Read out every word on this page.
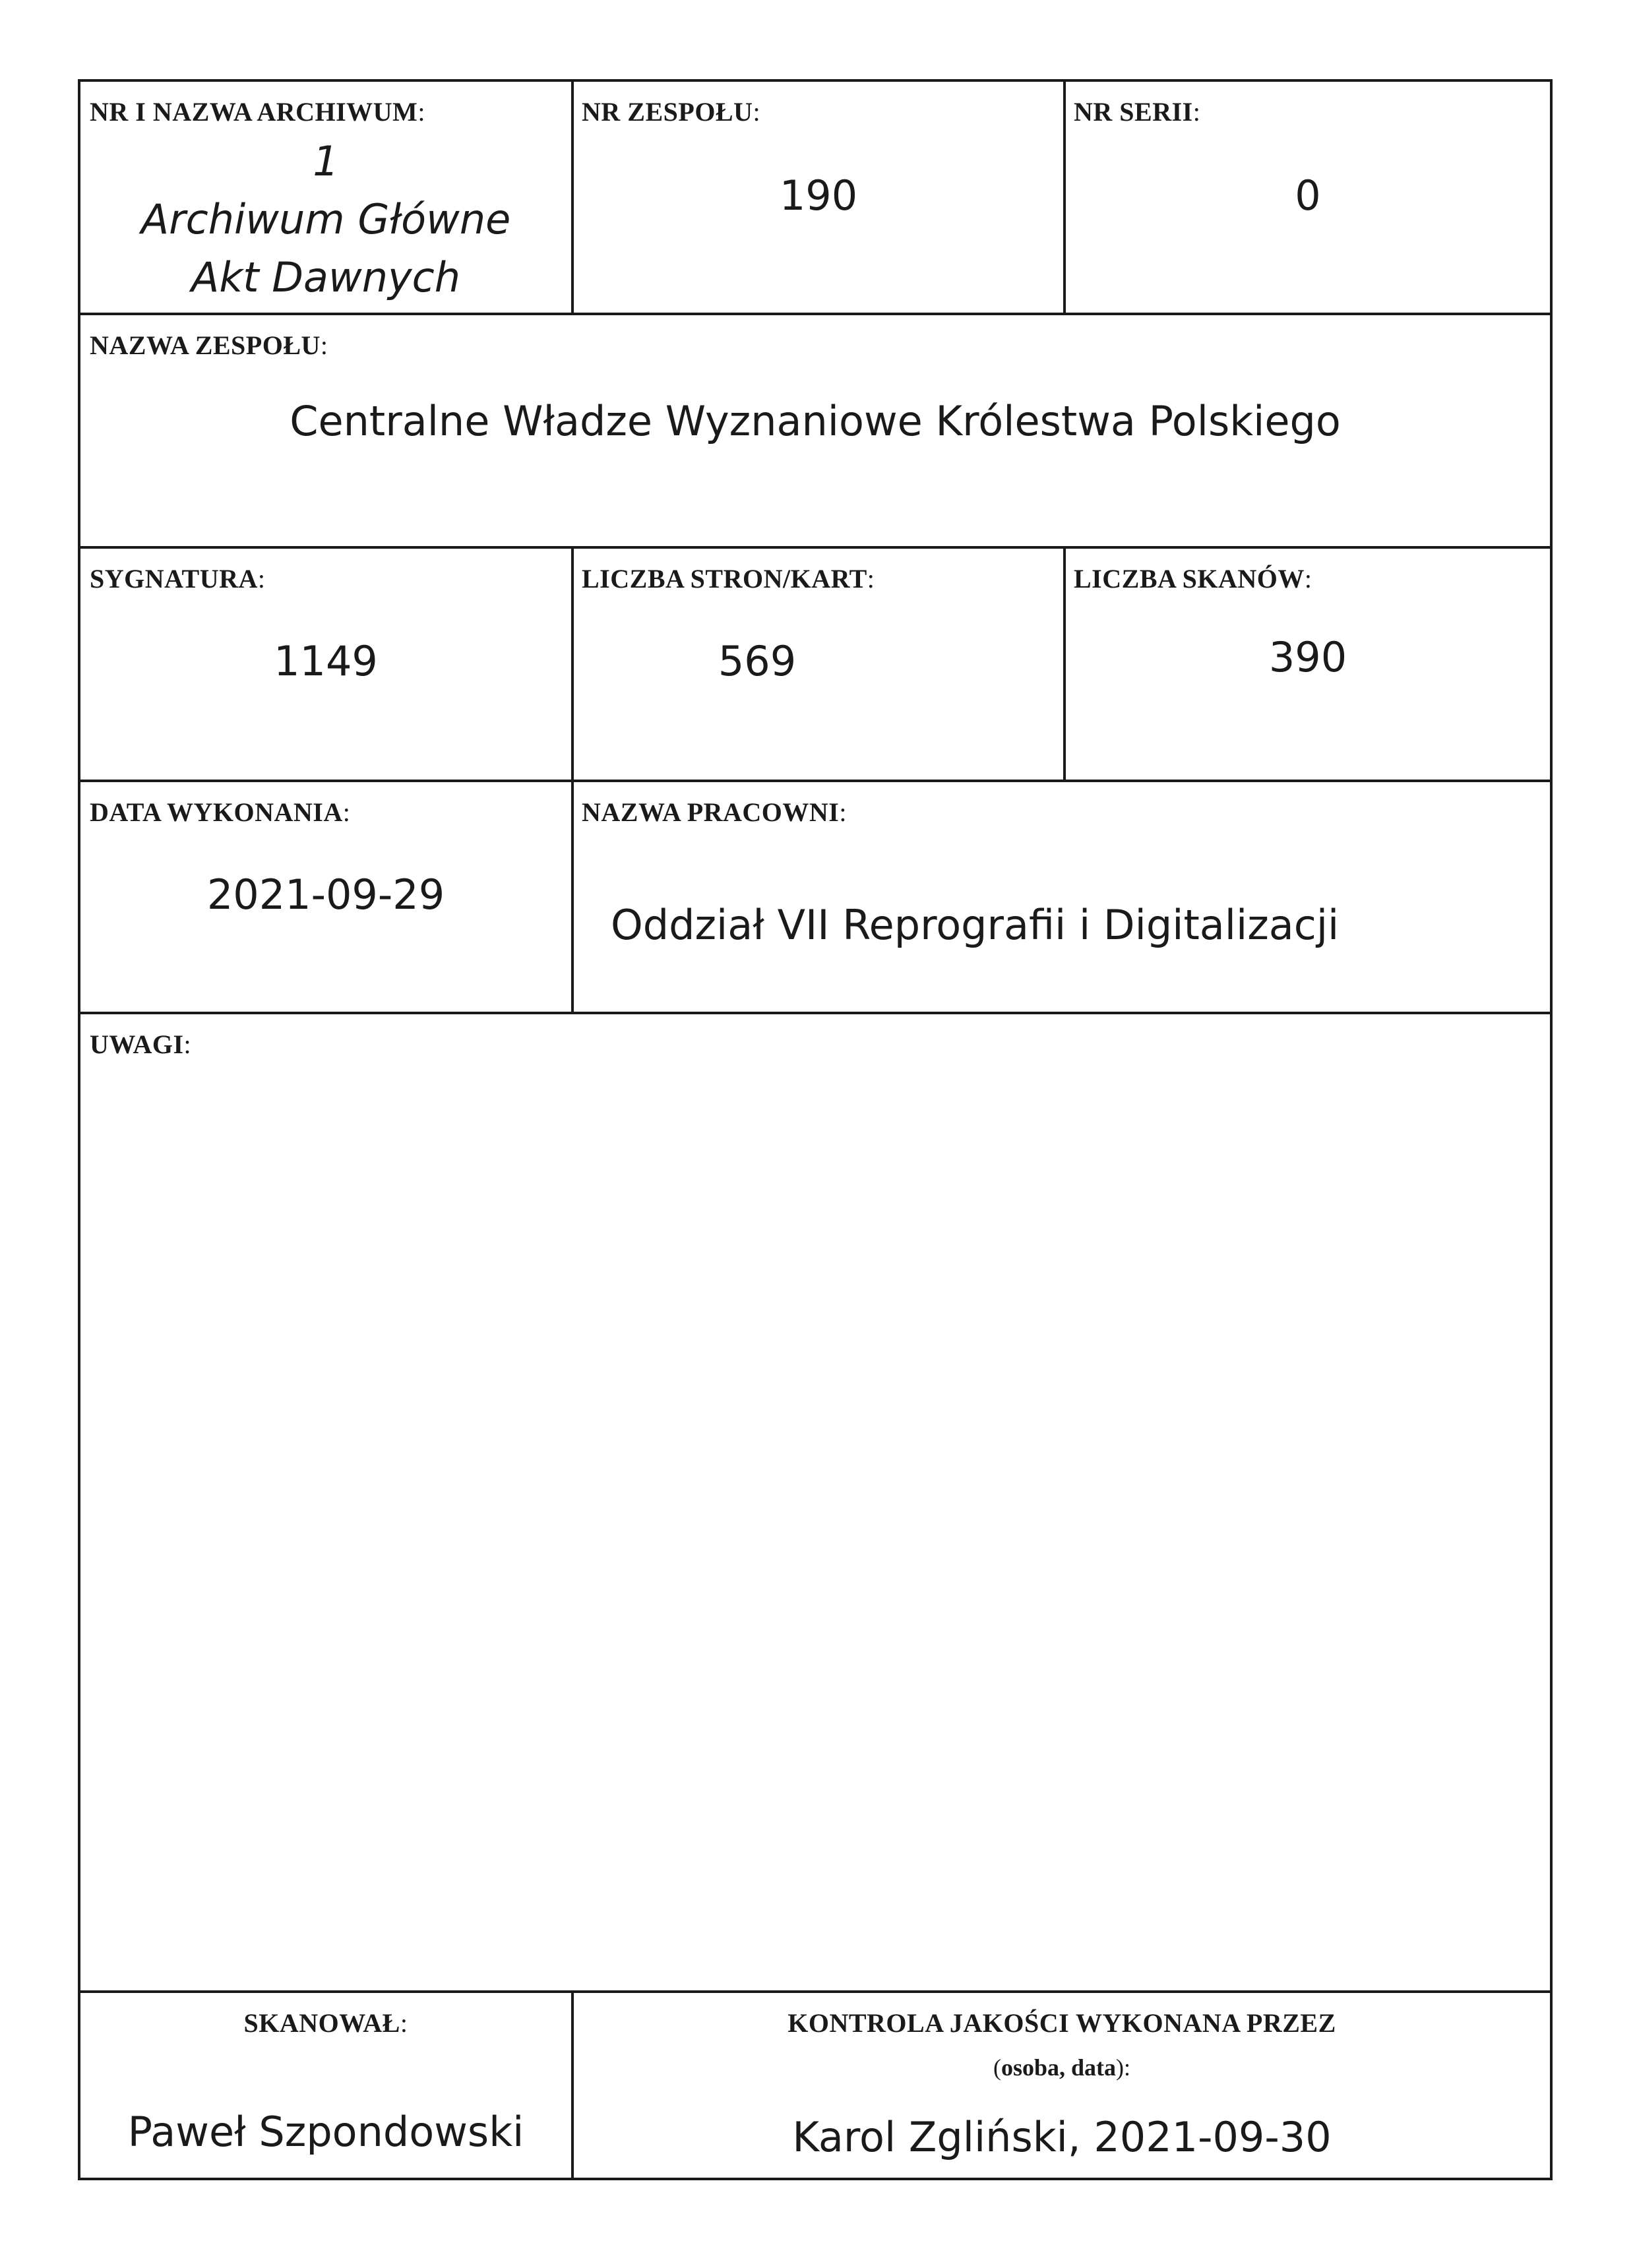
NR I NAZWA ARCHIWUM:
1
Archiwum Główne
Akt Dawnych
NR ZESPOŁU:
190
NR SERII:
0
NAZWA ZESPOŁU:
Centralne Władze Wyznaniowe Królestwa Polskiego
SYGNATURA:
1149
LICZBA STRON/KART:
569
LICZBA SKANÓW:
390
DATA WYKONANIA:
2021-09-29
NAZWA PRACOWNI:
Oddział VII Reprografii i Digitalizacji
UWAGI:
SKANOWAŁ:
Paweł Szpondowski
KONTROLA JAKOŚCI WYKONANA PRZEZ
(osoba, data):
Karol Zgliński, 2021-09-30
